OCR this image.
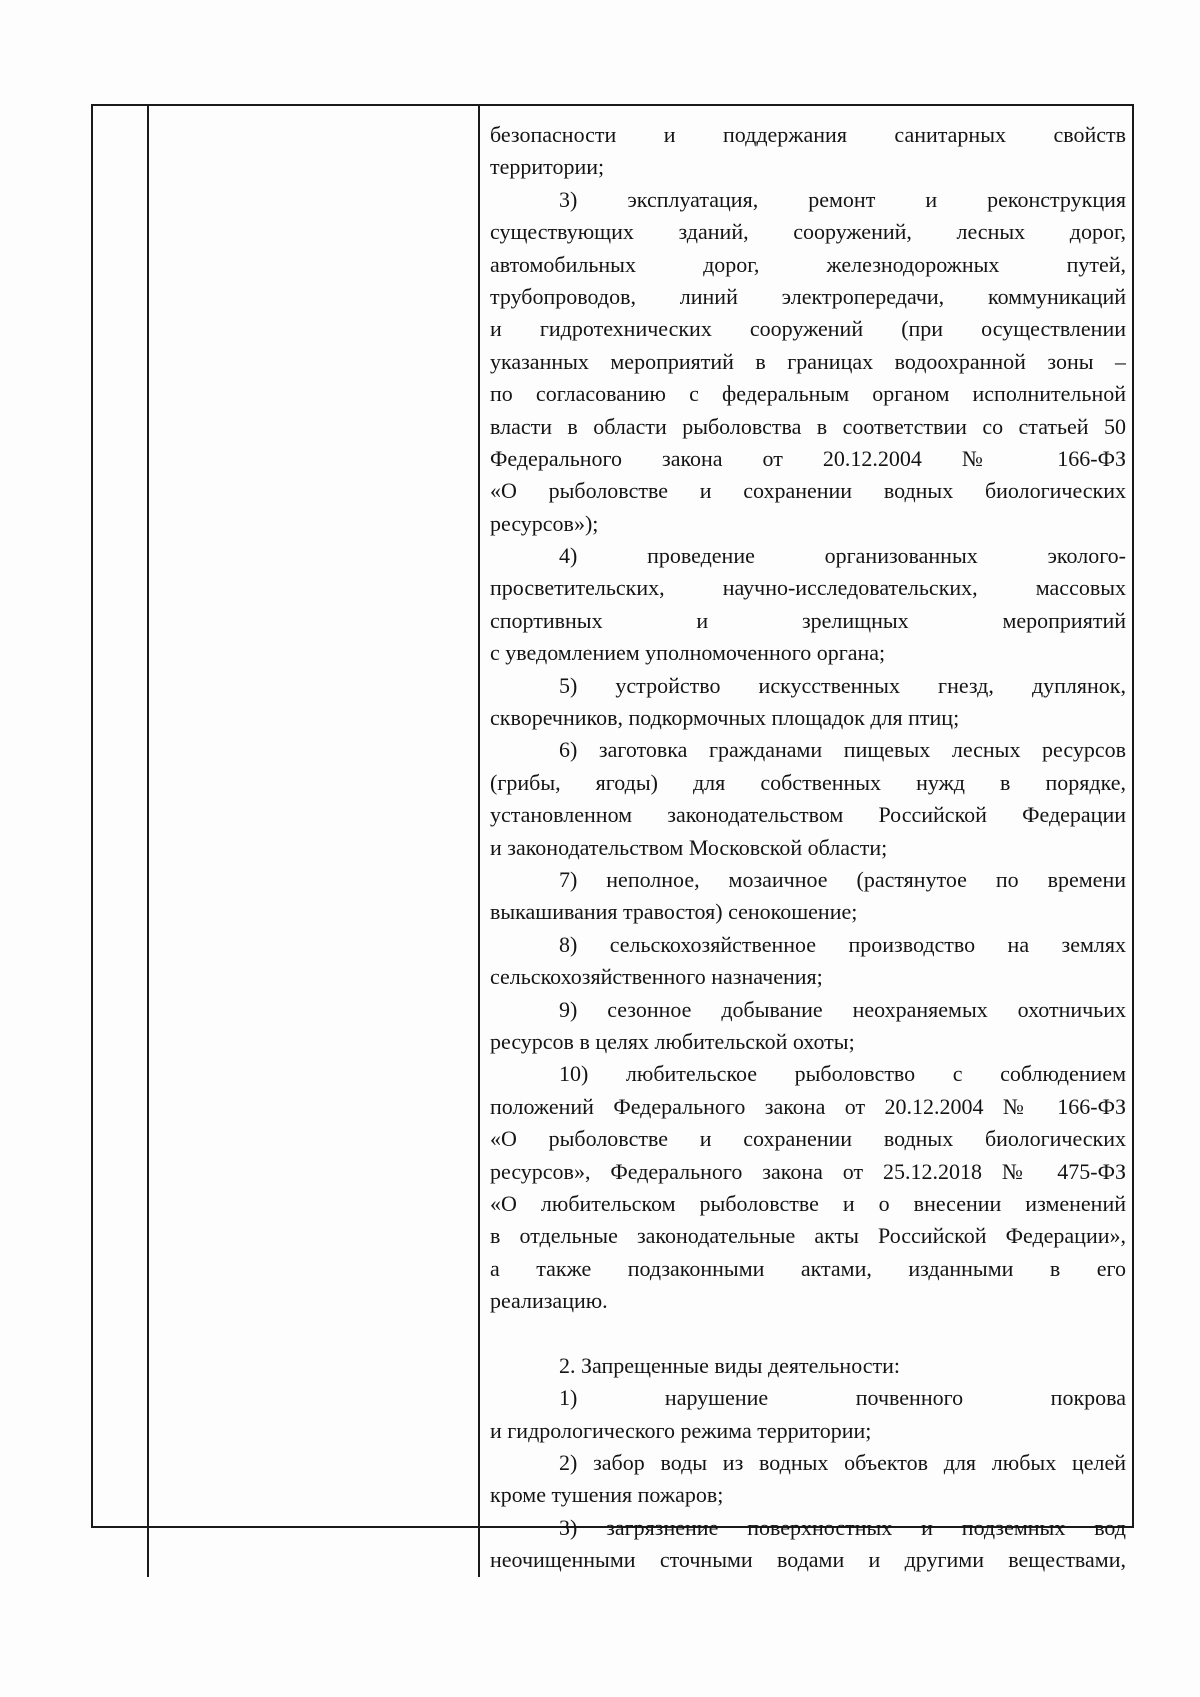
безопасности и поддержания санитарных свойств
территории;
3) эксплуатация, ремонт и реконструкция
существующих зданий, сооружений, лесных дорог,
автомобильных дорог, железнодорожных путей,
трубопроводов, линий электропередачи, коммуникаций
и гидротехнических сооружений (при осуществлении
указанных мероприятий в границах водоохранной зоны –
по согласованию с федеральным органом исполнительной
власти в области рыболовства в соответствии со статьей 50
Федерального закона от 20.12.2004 № 166-ФЗ
«О рыболовстве и сохранении водных биологических
ресурсов»);
4) проведение организованных эколого-
просветительских, научно-исследовательских, массовых
спортивных и зрелищных мероприятий
с уведомлением уполномоченного органа;
5) устройство искусственных гнезд, дуплянок,
скворечников, подкормочных площадок для птиц;
6) заготовка гражданами пищевых лесных ресурсов
(грибы, ягоды) для собственных нужд в порядке,
установленном законодательством Российской Федерации
и законодательством Московской области;
7) неполное, мозаичное (растянутое по времени
выкашивания травостоя) сенокошение;
8) сельскохозяйственное производство на землях
сельскохозяйственного назначения;
9) сезонное добывание неохраняемых охотничьих
ресурсов в целях любительской охоты;
10) любительское рыболовство с соблюдением
положений Федерального закона от 20.12.2004 № 166-ФЗ
«О рыболовстве и сохранении водных биологических
ресурсов», Федерального закона от 25.12.2018 № 475-ФЗ
«О любительском рыболовстве и о внесении изменений
в отдельные законодательные акты Российской Федерации»,
а также подзаконными актами, изданными в его
реализацию.
2. Запрещенные виды деятельности:
1) нарушение почвенного покрова
и гидрологического режима территории;
2) забор воды из водных объектов для любых целей
кроме тушения пожаров;
3) загрязнение поверхностных и подземных вод
неочищенными сточными водами и другими веществами,
